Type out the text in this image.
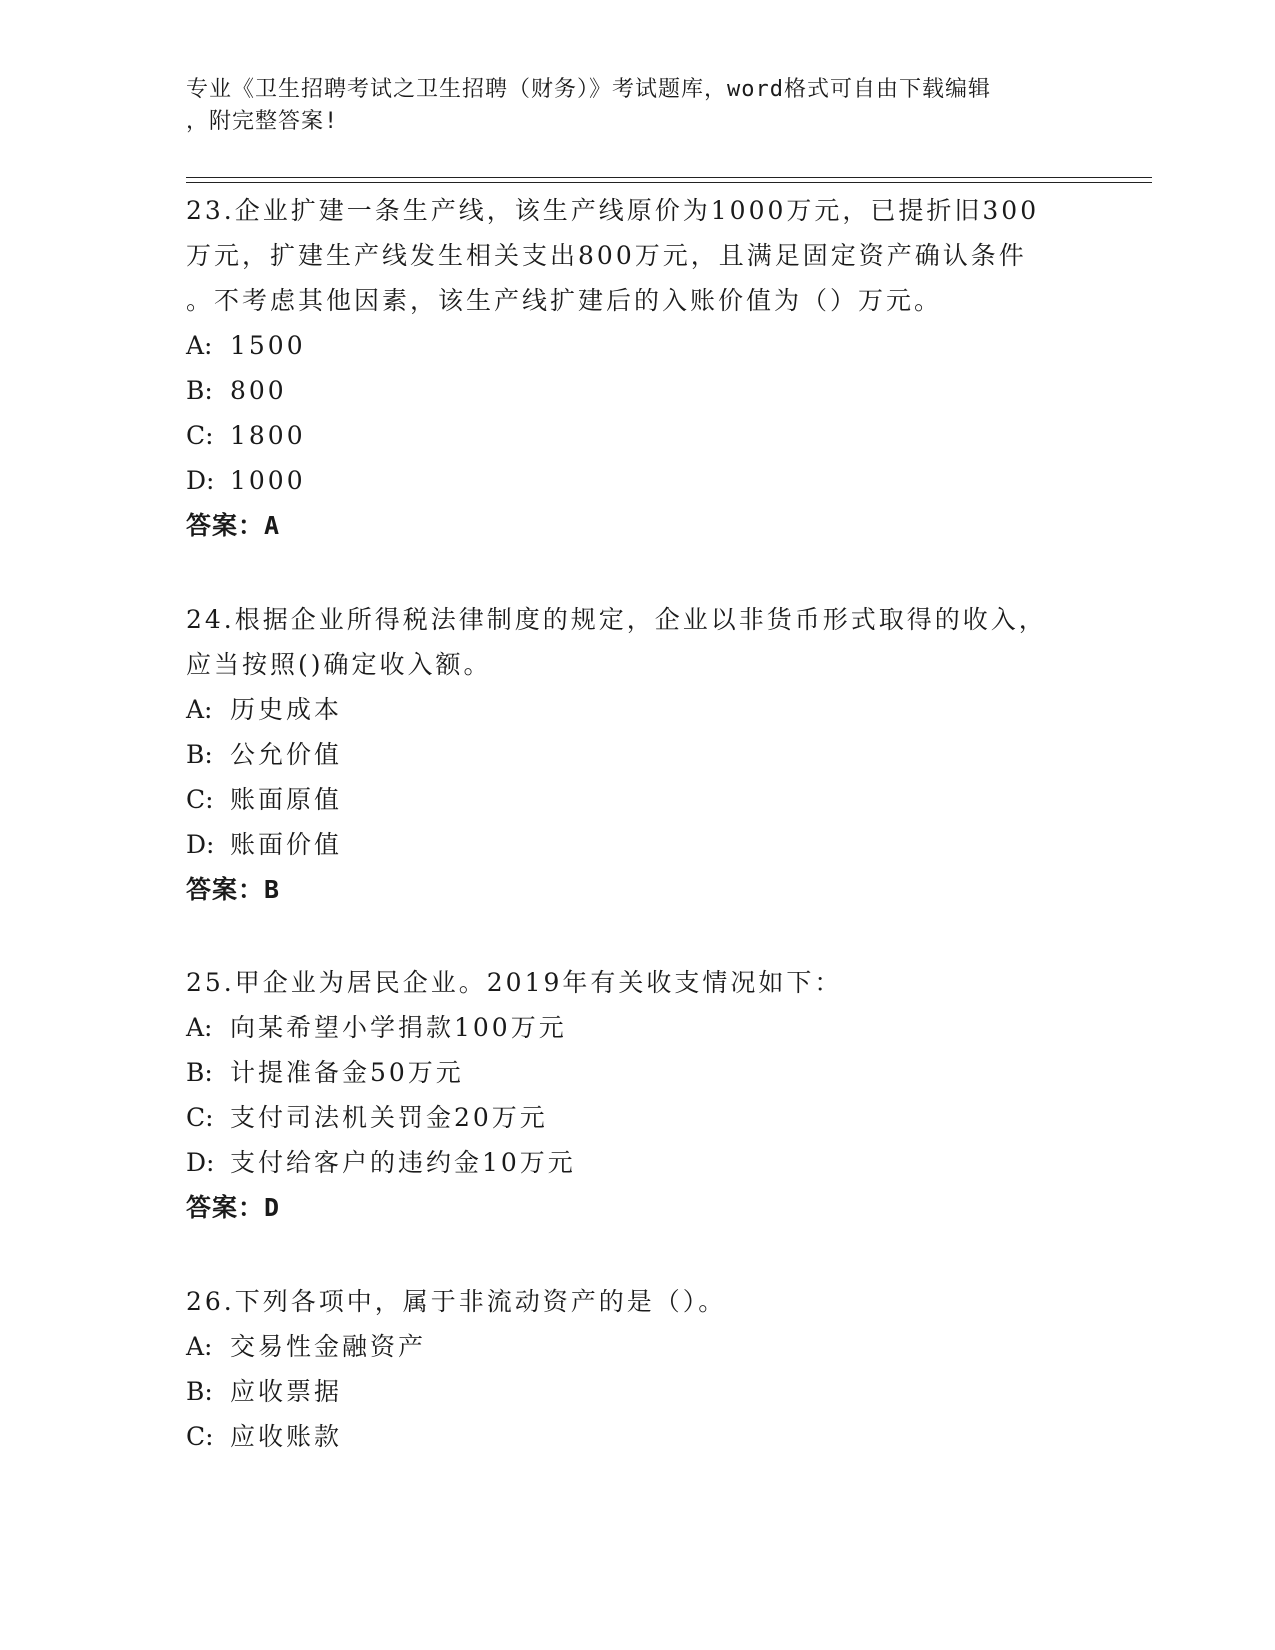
专业《卫生招聘考试之卫生招聘（财务）》考试题库，word格式可自由下载编辑
，附完整答案!
23.企业扩建一条生产线，该生产线原价为1000万元，已提折旧300
万元，扩建生产线发生相关支出800万元，且满足固定资产确认条件
。不考虑其他因素，该生产线扩建后的入账价值为（）万元。
A: 1500
B: 800
C: 1800
D: 1000
答案：A
24.根据企业所得税法律制度的规定，企业以非货币形式取得的收入，
应当按照()确定收入额。
A: 历史成本
B: 公允价值
C: 账面原值
D: 账面价值
答案：B
25.甲企业为居民企业。2019年有关收支情况如下：
A: 向某希望小学捐款100万元
B: 计提准备金50万元
C: 支付司法机关罚金20万元
D: 支付给客户的违约金10万元
答案：D
26.下列各项中，属于非流动资产的是（）。
A: 交易性金融资产
B: 应收票据
C: 应收账款
